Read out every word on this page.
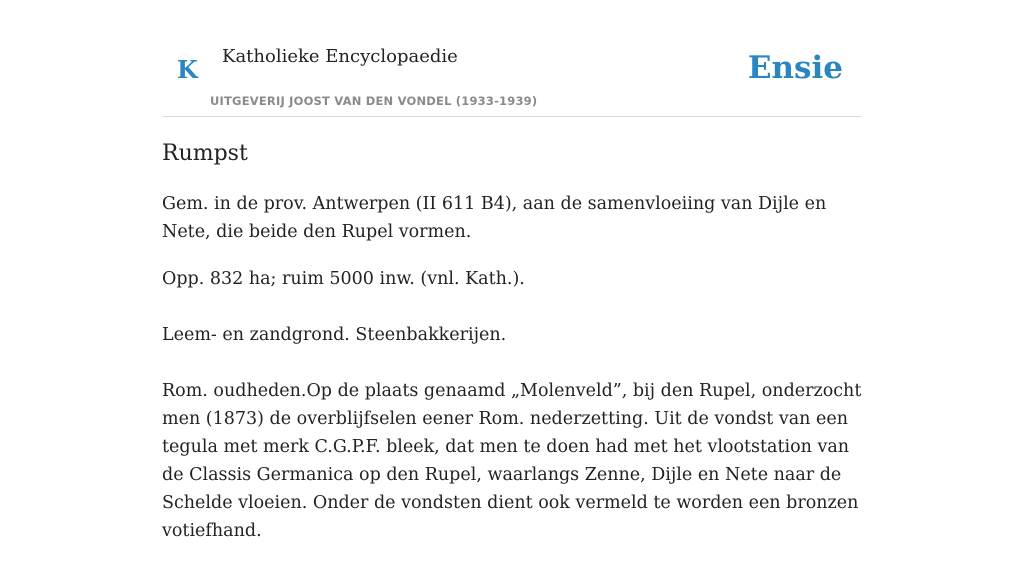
K Katholieke Encyclopaedie
UITGEVERIJ JOOST VAN DEN VONDEL (1933-1939)
Ensie
Rumpst

Gem. in de prov. Antwerpen (II 611 B4), aan de samenvloeiing van Dijle en Nete, die beide den Rupel vormen.

Opp. 832 ha; ruim 5000 inw. (vnl. Kath.).

Leem- en zandgrond. Steenbakkerijen.

Rom. oudheden.Op de plaats genaamd „Molenveld”, bij den Rupel, onderzocht men (1873) de overblijfselen eener Rom. nederzetting. Uit de vondst van een tegula met merk C.G.P.F. bleek, dat men te doen had met het vlootstation van de Classis Germanica op den Rupel, waarlangs Zenne, Dijle en Nete naar de Schelde vloeien. Onder de vondsten dient ook vermeld te worden een bronzen votiefhand.
